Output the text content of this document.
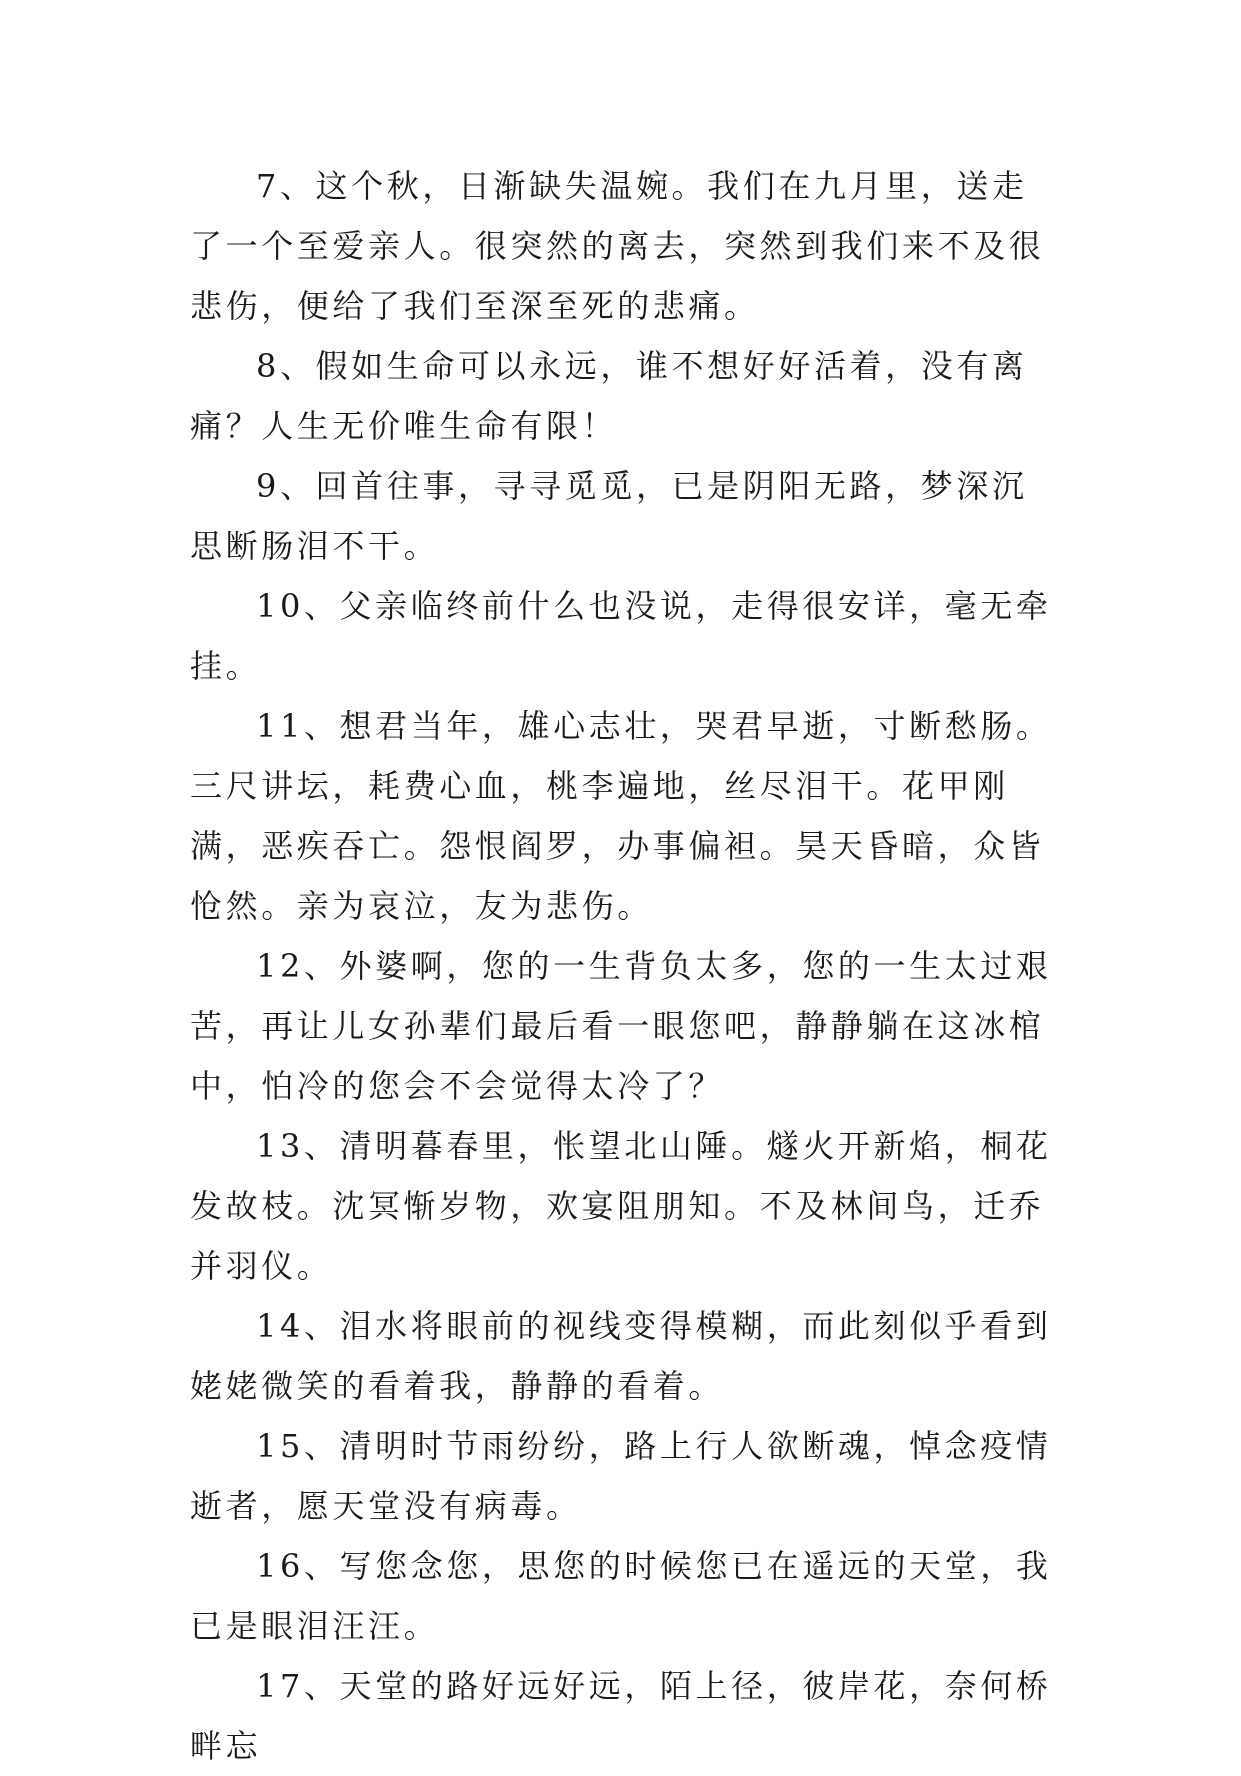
7、这个秋，日渐缺失温婉。我们在九月里，送走了一个至爱亲人。很突然的离去，突然到我们来不及很悲伤，便给了我们至深至死的悲痛。

8、假如生命可以永远，谁不想好好活着，没有离痛？人生无价唯生命有限！

9、回首往事，寻寻觅觅，已是阴阳无路，梦深沉思断肠泪不干。

10、父亲临终前什么也没说，走得很安详，毫无牵挂。

11、想君当年，雄心志壮，哭君早逝，寸断愁肠。三尺讲坛，耗费心血，桃李遍地，丝尽泪干。花甲刚满，恶疾吞亡。怨恨阎罗，办事偏袒。昊天昏暗，众皆怆然。亲为哀泣，友为悲伤。

12、外婆啊，您的一生背负太多，您的一生太过艰苦，再让儿女孙辈们最后看一眼您吧，静静躺在这冰棺中，怕冷的您会不会觉得太冷了？

13、清明暮春里，怅望北山陲。燧火开新焰，桐花发故枝。沈冥惭岁物，欢宴阻朋知。不及林间鸟，迁乔并羽仪。

14、泪水将眼前的视线变得模糊，而此刻似乎看到姥姥微笑的看着我，静静的看着。

15、清明时节雨纷纷，路上行人欲断魂，悼念疫情逝者，愿天堂没有病毒。

16、写您念您，思您的时候您已在遥远的天堂，我已是眼泪汪汪。

17、天堂的路好远好远，陌上径，彼岸花，奈何桥畔忘
